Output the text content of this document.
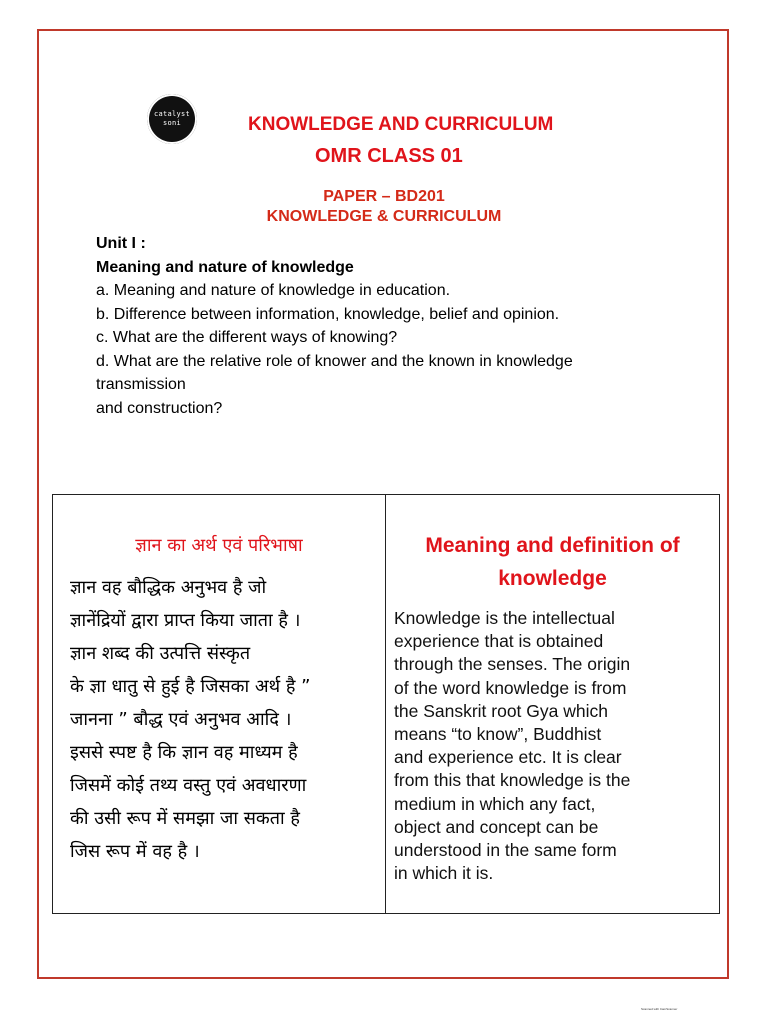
catalyst
soni	KNOWLEDGE AND CURRICULUM
OMR CLASS 01

PAPER – BD201

KNOWLEDGE & CURRICULUM

Unit I :
Meaning and nature of knowledge
a. Meaning and nature of knowledge in education.
b. Difference between information, knowledge, belief and opinion.
c. What are the different ways of knowing?
d. What are the relative role of knower and the known in knowledge
transmission
and construction?
ज्ञान का अर्थ एवं परिभाषा
ज्ञान वह बौद्धिक अनुभव है जो
ज्ञानेंद्रियों द्वारा प्राप्त किया जाता है ।
ज्ञान शब्द की उत्पत्ति संस्कृत
के ज्ञा धातु से हुई है जिसका अर्थ है ”
जानना ” बौद्ध एवं अनुभव आदि ।
इससे स्पष्ट है कि ज्ञान वह माध्यम है
जिसमें कोई तथ्य वस्तु एवं अवधारणा
की उसी रूप में समझा जा सकता है
जिस रूप में वह है ।

Meaning and definition of
knowledge
Knowledge is the intellectual
experience that is obtained
through the senses. The origin
of the word knowledge is from
the Sanskrit root Gya which
means “to know”, Buddhist
and experience etc. It is clear
from this that knowledge is the
medium in which any fact,
object and concept can be
understood in the same form
in which it is.
Scanned with CamScanner
